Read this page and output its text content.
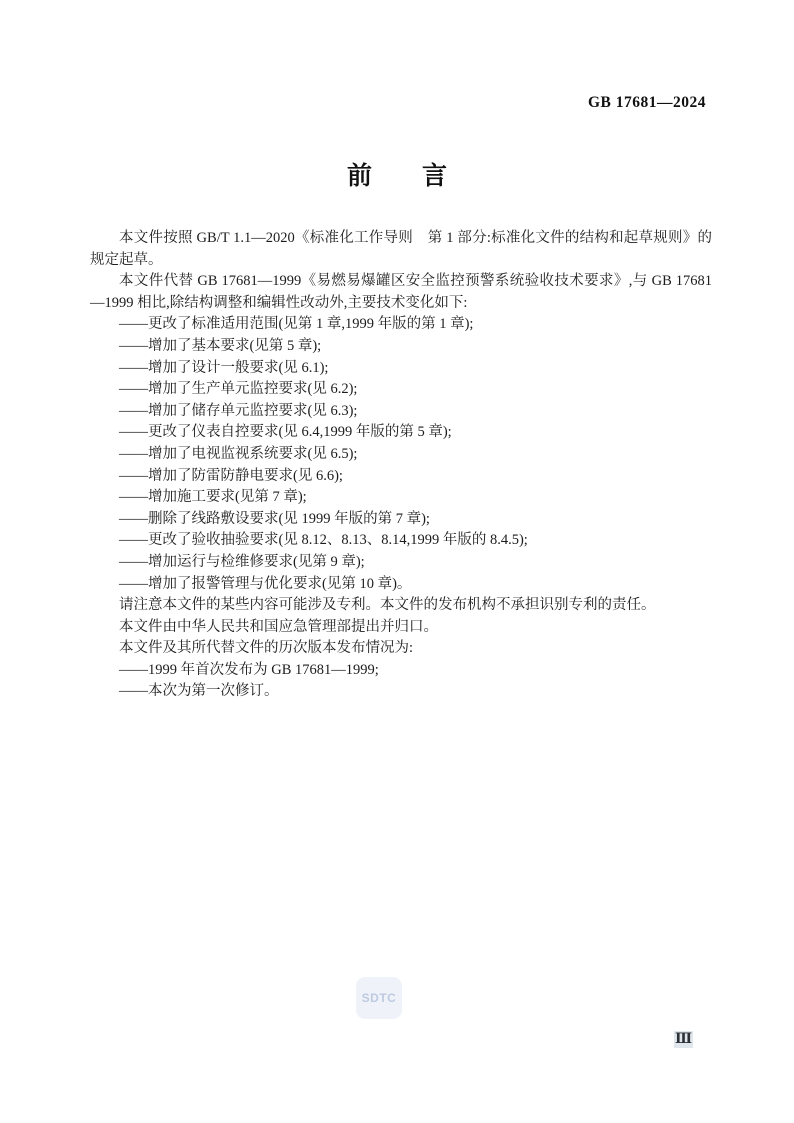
GB 17681—2024
前　　言
本文件按照 GB/T 1.1—2020《标准化工作导则　第 1 部分:标准化文件的结构和起草规则》的规定起草。
本文件代替 GB 17681—1999《易燃易爆罐区安全监控预警系统验收技术要求》,与 GB 17681—1999 相比,除结构调整和编辑性改动外,主要技术变化如下:
——更改了标准适用范围(见第 1 章,1999 年版的第 1 章);
——增加了基本要求(见第 5 章);
——增加了设计一般要求(见 6.1);
——增加了生产单元监控要求(见 6.2);
——增加了储存单元监控要求(见 6.3);
——更改了仪表自控要求(见 6.4,1999 年版的第 5 章);
——增加了电视监视系统要求(见 6.5);
——增加了防雷防静电要求(见 6.6);
——增加施工要求(见第 7 章);
——删除了线路敷设要求(见 1999 年版的第 7 章);
——更改了验收抽验要求(见 8.12、8.13、8.14,1999 年版的 8.4.5);
——增加运行与检维修要求(见第 9 章);
——增加了报警管理与优化要求(见第 10 章)。
请注意本文件的某些内容可能涉及专利。本文件的发布机构不承担识别专利的责任。
本文件由中华人民共和国应急管理部提出并归口。
本文件及其所代替文件的历次版本发布情况为:
——1999 年首次发布为 GB 17681—1999;
——本次为第一次修订。
SDTC
Ⅲ
